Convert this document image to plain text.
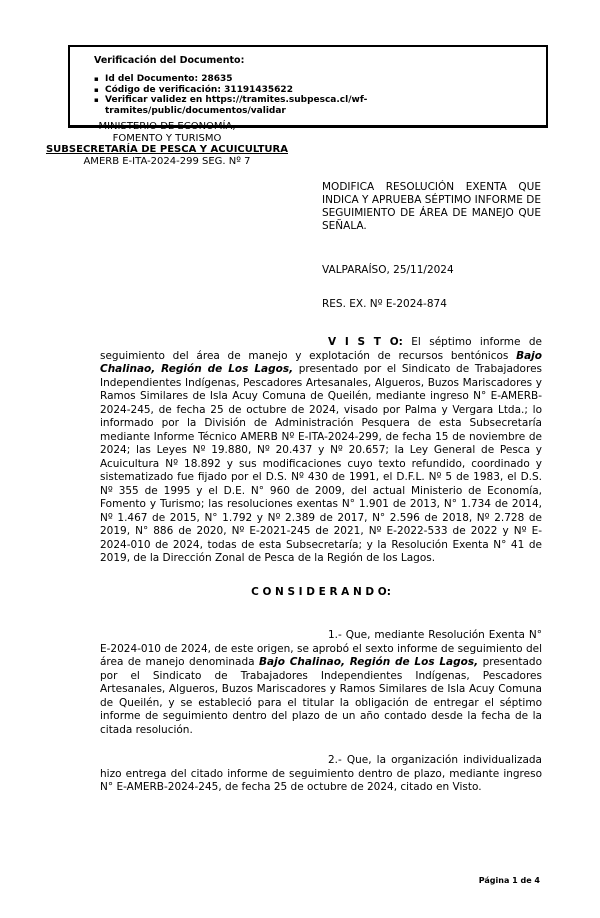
Verificación del Documento:
▪ Id del Documento: 28635
▪ Código de verificación: 31191435622
▪ Verificar validez en https://tramites.subpesca.cl/wf-tramites/public/documentos/validar
MINISTERIO DE ECONOMÍA,
FOMENTO Y TURISMO
SUBSECRETARÍA DE PESCA Y ACUICULTURA
AMERB E-ITA-2024-299 SEG. Nº 7
MODIFICA RESOLUCIÓN EXENTA QUE INDICA Y APRUEBA SÉPTIMO INFORME DE SEGUIMIENTO DE ÁREA DE MANEJO QUE SEÑALA.
VALPARAÍSO, 25/11/2024
RES. EX. Nº E-2024-874

V I S T O: El séptimo informe de seguimiento del área de manejo y explotación de recursos bentónicos Bajo Chalinao, Región de Los Lagos, presentado por el Sindicato de Trabajadores Independientes Indígenas, Pescadores Artesanales, Algueros, Buzos Mariscadores y Ramos Similares de Isla Acuy Comuna de Queilén, mediante ingreso N° E-AMERB-2024-245, de fecha 25 de octubre de 2024, visado por Palma y Vergara Ltda.; lo informado por la División de Administración Pesquera de esta Subsecretaría mediante Informe Técnico AMERB Nº E-ITA-2024-299, de fecha 15 de noviembre de 2024; las Leyes Nº 19.880, Nº 20.437 y Nº 20.657; la Ley General de Pesca y Acuicultura Nº 18.892 y sus modificaciones cuyo texto refundido, coordinado y sistematizado fue fijado por el D.S. Nº 430 de 1991, el D.F.L. Nº 5 de 1983, el D.S. Nº 355 de 1995 y el D.E. N° 960 de 2009, del actual Ministerio de Economía, Fomento y Turismo; las resoluciones exentas N° 1.901 de 2013, N° 1.734 de 2014, Nº 1.467 de 2015, N° 1.792 y Nº 2.389 de 2017, N° 2.596 de 2018, Nº 2.728 de 2019, N° 886 de 2020, Nº E-2021-245 de 2021, Nº E-2022-533 de 2022 y Nº E-2024-010 de 2024, todas de esta Subsecretaría; y la Resolución Exenta N° 41 de 2019, de la Dirección Zonal de Pesca de la Región de los Lagos.

C O N S I D E R A N D O:

1.- Que, mediante Resolución Exenta N° E-2024-010 de 2024, de este origen, se aprobó el sexto informe de seguimiento del área de manejo denominada Bajo Chalinao, Región de Los Lagos, presentado por el Sindicato de Trabajadores Independientes Indígenas, Pescadores Artesanales, Algueros, Buzos Mariscadores y Ramos Similares de Isla Acuy Comuna de Queilén, y se estableció para el titular la obligación de entregar el séptimo informe de seguimiento dentro del plazo de un año contado desde la fecha de la citada resolución.

2.- Que, la organización individualizada hizo entrega del citado informe de seguimiento dentro de plazo, mediante ingreso N° E-AMERB-2024-245, de fecha 25 de octubre de 2024, citado en Visto.

Página 1 de 4
